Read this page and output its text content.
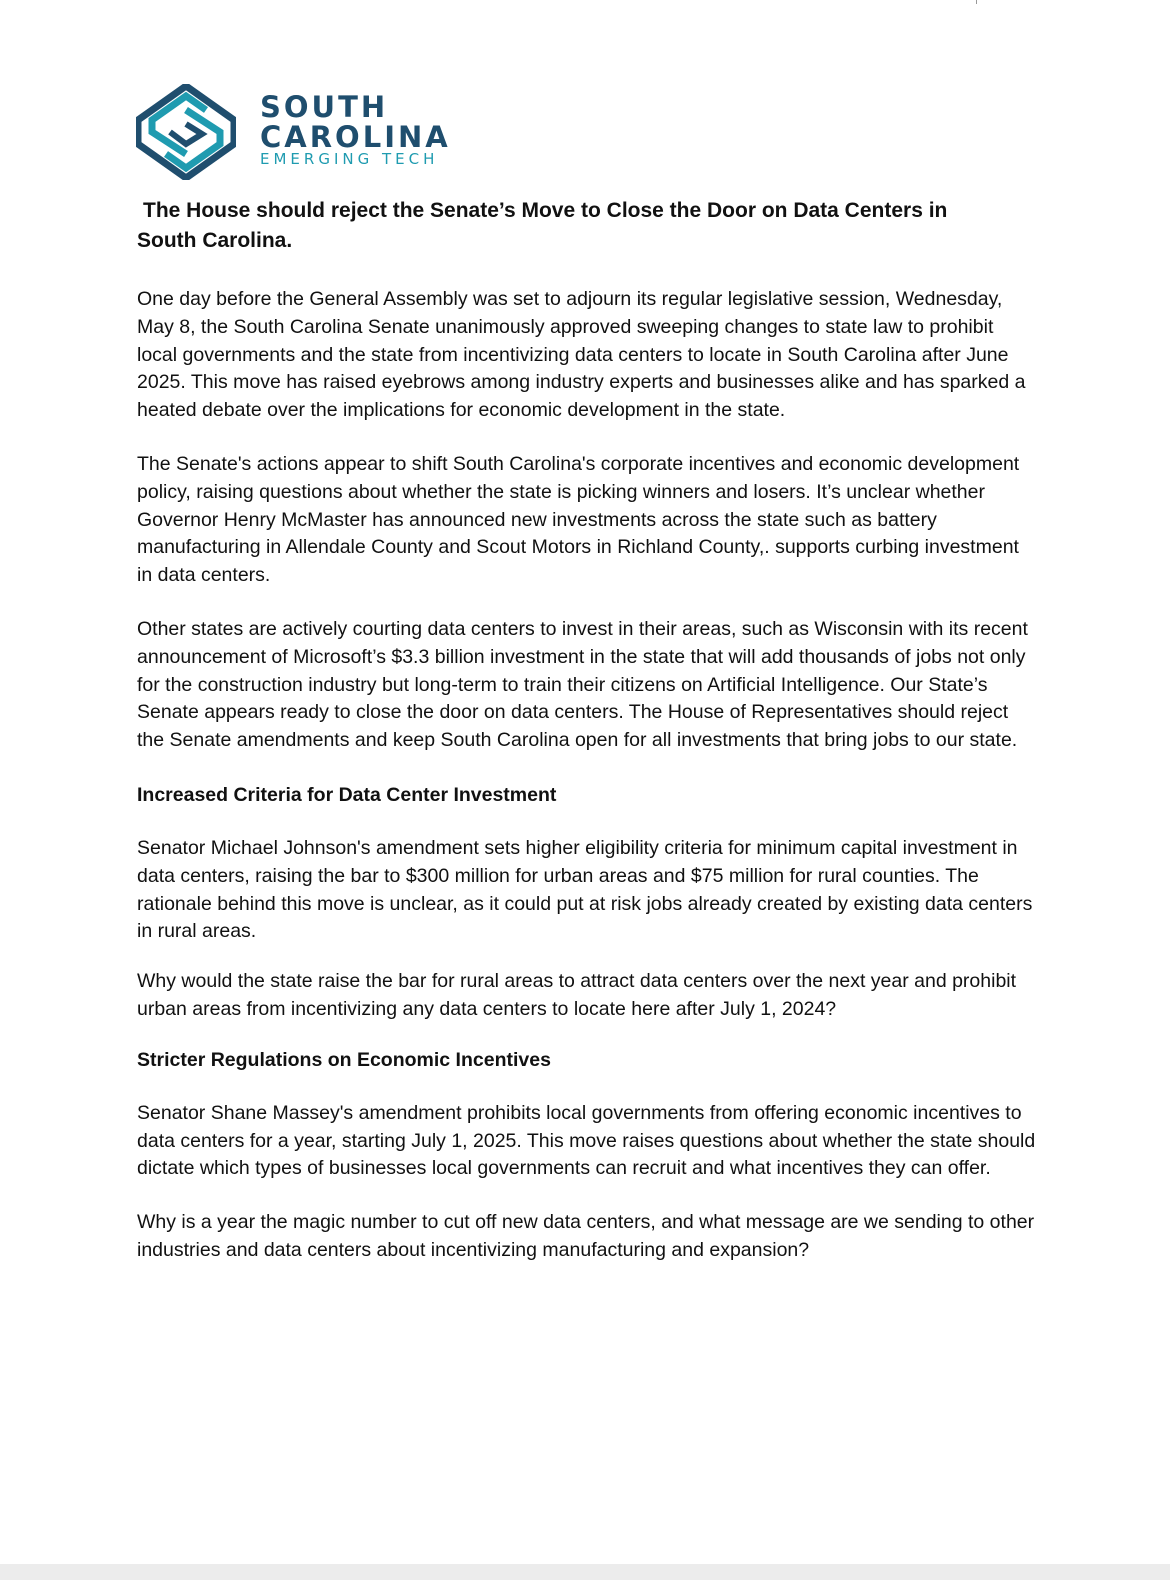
SOUTH
CAROLINA
EMERGING TECH
The House should reject the Senate’s Move to Close the Door on Data Centers in
South Carolina.

One day before the General Assembly was set to adjourn its regular legislative session, Wednesday, May 8, the South Carolina Senate unanimously approved sweeping changes to state law to prohibit local governments and the state from incentivizing data centers to locate in South Carolina after June 2025. This move has raised eyebrows among industry experts and businesses alike and has sparked a heated debate over the implications for economic development in the state.

The Senate's actions appear to shift South Carolina's corporate incentives and economic development policy, raising questions about whether the state is picking winners and losers. It’s unclear whether Governor Henry McMaster has announced new investments across the state such as battery manufacturing in Allendale County and Scout Motors in Richland County,. supports curbing investment in data centers.

Other states are actively courting data centers to invest in their areas, such as Wisconsin with its recent announcement of Microsoft’s $3.3 billion investment in the state that will add thousands of jobs not only for the construction industry but long-term to train their citizens on Artificial Intelligence. Our State’s Senate appears ready to close the door on data centers. The House of Representatives should reject the Senate amendments and keep South Carolina open for all investments that bring jobs to our state.

Increased Criteria for Data Center Investment

Senator Michael Johnson's amendment sets higher eligibility criteria for minimum capital investment in data centers, raising the bar to $300 million for urban areas and $75 million for rural counties. The rationale behind this move is unclear, as it could put at risk jobs already created by existing data centers in rural areas.

Why would the state raise the bar for rural areas to attract data centers over the next year and prohibit urban areas from incentivizing any data centers to locate here after July 1, 2024?

Stricter Regulations on Economic Incentives

Senator Shane Massey's amendment prohibits local governments from offering economic incentives to data centers for a year, starting July 1, 2025. This move raises questions about whether the state should dictate which types of businesses local governments can recruit and what incentives they can offer.

Why is a year the magic number to cut off new data centers, and what message are we sending to other industries and data centers about incentivizing manufacturing and expansion?
